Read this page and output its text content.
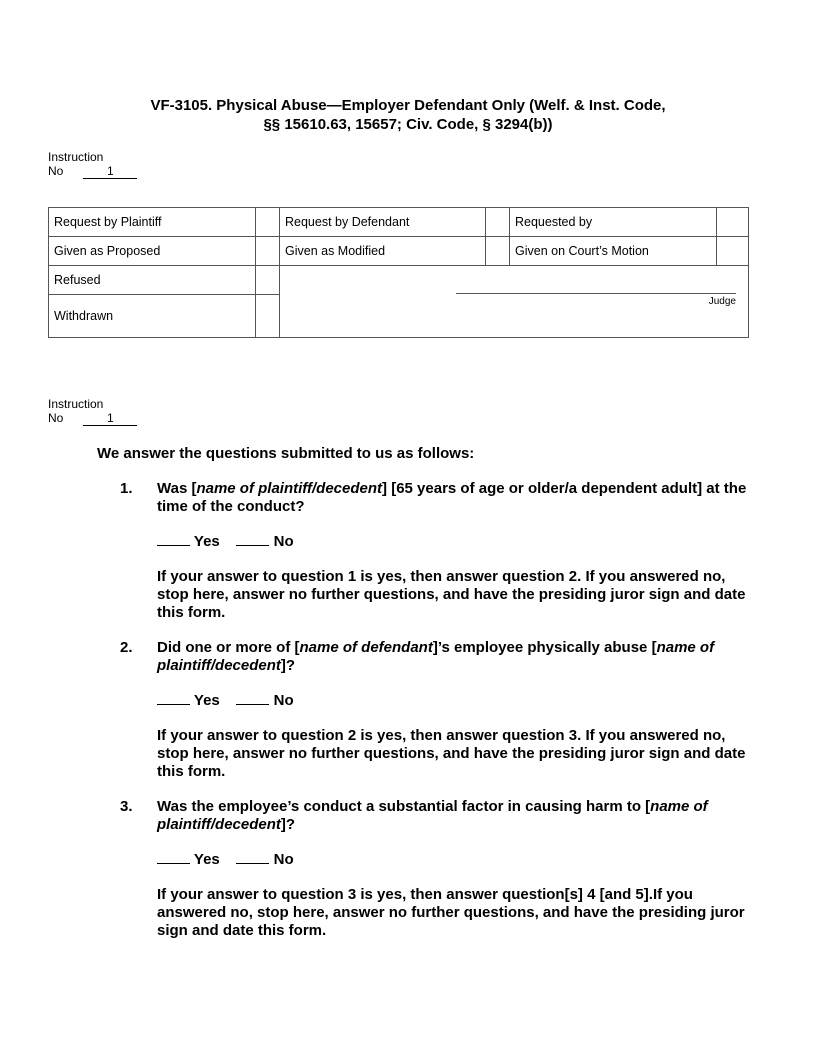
VF-3105. Physical Abuse—Employer Defendant Only (Welf. & Inst. Code,
§§ 15610.63, 15657; Civ. Code, § 3294(b))
Instruction
No	1
Request by Plaintiff		Request by Defendant		Requested by	
Given as Proposed		Given as Modified		Given on Court’s Motion	
Refused		Judge			

Withdrawn					
Instruction
No	1
We answer the questions submitted to us as follows:
1. Was [name of plaintiff/decedent] [65 years of age or older/a dependent adult] at the time of the conduct?
Yes	No
If your answer to question 1 is yes, then answer question 2. If you answered no, stop here, answer no further questions, and have the presiding juror sign and date this form.
2. Did one or more of [name of defendant]’s employee physically abuse [name of plaintiff/decedent]?
Yes	No
If your answer to question 2 is yes, then answer question 3. If you answered no, stop here, answer no further questions, and have the presiding juror sign and date this form.
3. Was the employee’s conduct a substantial factor in causing harm to [name of plaintiff/decedent]?
Yes	No
If your answer to question 3 is yes, then answer question[s] 4 [and 5].If you answered no, stop here, answer no further questions, and have the presiding juror sign and date this form.
